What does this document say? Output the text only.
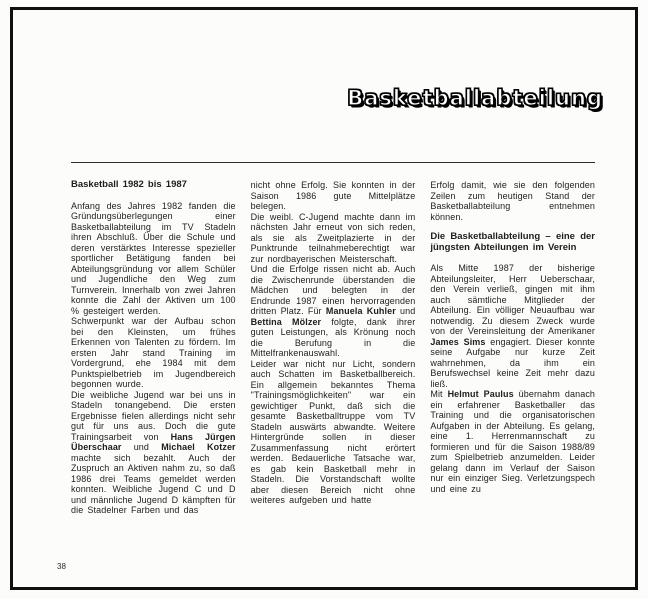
Basketballabteilung
Basketball 1982 bis 1987

Anfang des Jahres 1982 fanden die Gründungsüberlegungen einer Basketballabteilung im TV Stadeln ihren Abschluß. Über die Schule und deren verstärktes Interesse spezieller sportlicher Betätigung fanden bei Abteilungsgründung vor allem Schüler und Jugendliche den Weg zum Turnverein. Innerhalb von zwei Jahren konnte die Zahl der Aktiven um 100 % gesteigert werden.

Schwerpunkt war der Aufbau schon bei den Kleinsten, um frühes Erkennen von Talenten zu fördern. Im ersten Jahr stand Training im Vordergrund, ehe 1984 mit dem Punktspielbetrieb im Jugendbereich begonnen wurde.

Die weibliche Jugend war bei uns in Stadeln tonangebend. Die ersten Ergebnisse fielen allerdings nicht sehr gut für uns aus. Doch die gute Trainingsarbeit von Hans Jürgen Überschaar und Michael Kotzer machte sich bezahlt. Auch der Zuspruch an Aktiven nahm zu, so daß 1986 drei Teams gemeldet werden konnten. Weibliche Jugend C und D und männliche Jugend D kämpften für die Stadelner Farben und das

nicht ohne Erfolg. Sie konnten in der Saison 1986 gute Mittelplätze belegen.

Die weibl. C-Jugend machte dann im nächsten Jahr erneut von sich reden, als sie als Zweitplazierte in der Punktrunde teilnahmeberechtigt war zur nordbayerischen Meisterschaft.

Und die Erfolge rissen nicht ab. Auch die Zwischenrunde überstanden die Mädchen und belegten in der Endrunde 1987 einen hervorragenden dritten Platz. Für Manuela Kuhler und Bettina Mölzer folgte, dank ihrer guten Leistungen, als Krönung noch die Berufung in die Mittelfrankenauswahl.

Leider war nicht nur Licht, sondern auch Schatten im Basketballbereich. Ein allgemein bekanntes Thema "Trainingsmöglichkeiten" war ein gewichtiger Punkt, daß sich die gesamte Basketballtruppe vom TV Stadeln auswärts abwandte. Weitere Hintergründe sollen in dieser Zusammenfassung nicht erörtert werden. Bedauerliche Tatsache war, es gab kein Basketball mehr in Stadeln. Die Vorstandschaft wollte aber diesen Bereich nicht ohne weiteres aufgeben und hatte

Erfolg damit, wie sie den folgenden Zeilen zum heutigen Stand der Basketballabteilung entnehmen können.

Die Basketballabteilung – eine der jüngsten Abteilungen im Verein

Als Mitte 1987 der bisherige Abteilungsleiter, Herr Ueberschaar, den Verein verließ, gingen mit ihm auch sämtliche Mitglieder der Abteilung. Ein völliger Neuaufbau war notwendig. Zu diesem Zweck wurde von der Vereinsleitung der Amerikaner James Sims engagiert. Dieser konnte seine Aufgabe nur kurze Zeit wahrnehmen, da ihm ein Berufswechsel keine Zeit mehr dazu ließ.

Mit Helmut Paulus übernahm danach ein erfahrener Basketballer das Training und die organisatorischen Aufgaben in der Abteilung. Es gelang, eine 1. Herrenmannschaft zu formieren und für die Saison 1988/89 zum Spielbetrieb anzumelden. Leider gelang dann im Verlauf der Saison nur ein einziger Sieg. Verletzungspech und eine zu

38
